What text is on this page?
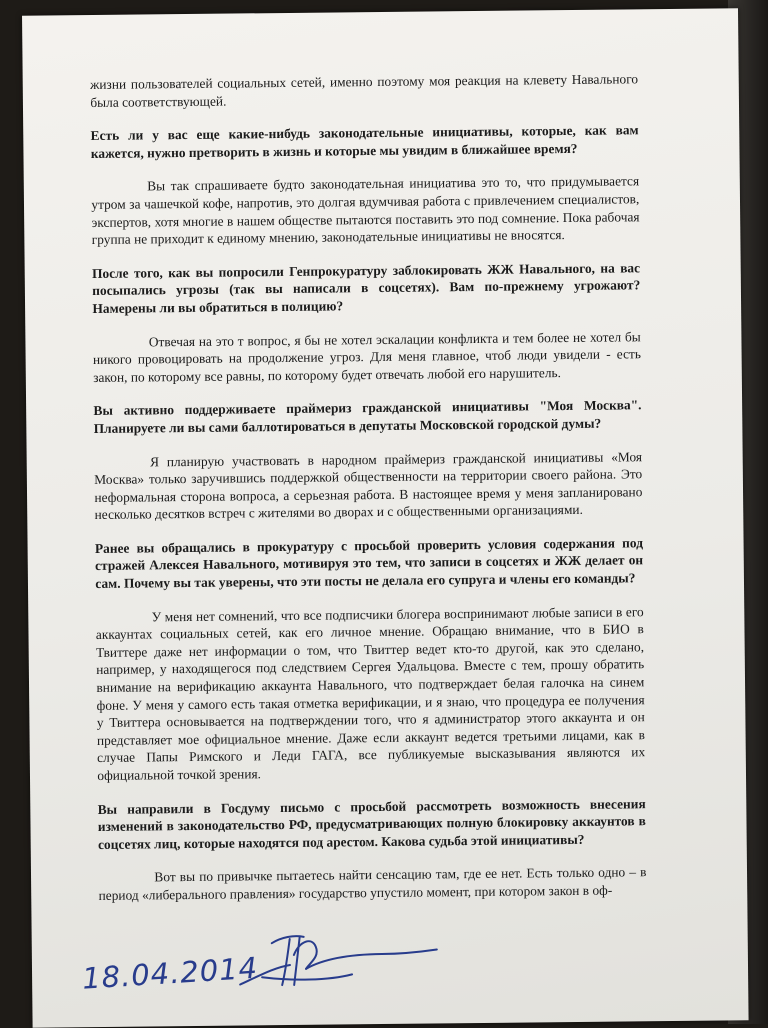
18.04.2014

жизни пользователей социальных сетей, именно поэтому моя реакция на клевету Навального была соответствующей.

Есть ли у вас еще какие-нибудь законодательные инициативы, которые, как вам кажется, нужно претворить в жизнь и которые мы увидим в ближайшее время?

Вы так спрашиваете будто законодательная инициатива это то, что придумывается утром за чашечкой кофе, напротив, это долгая вдумчивая работа с привлечением специалистов, экспертов, хотя многие в нашем обществе пытаются поставить это под сомнение. Пока рабочая группа не приходит к единому мнению, законодательные инициативы не вносятся.

После того, как вы попросили Генпрокуратуру заблокировать ЖЖ Навального, на вас посыпались угрозы (так вы написали в соцсетях). Вам по-прежнему угрожают? Намерены ли вы обратиться в полицию?

Отвечая на это т вопрос, я бы не хотел эскалации конфликта и тем более не хотел бы никого провоцировать на продолжение угроз. Для меня главное, чтоб люди увидели - есть закон, по которому все равны, по которому будет отвечать любой его нарушитель.

Вы активно поддерживаете праймериз гражданской инициативы "Моя Москва". Планируете ли вы сами баллотироваться в депутаты Московской городской думы?

Я планирую участвовать в народном праймериз гражданской инициативы «Моя Москва» только заручившись поддержкой общественности на территории своего района. Это неформальная сторона вопроса, а серьезная работа. В настоящее время у меня запланировано несколько десятков встреч с жителями во дворах и с общественными организациями.

Ранее вы обращались в прокуратуру с просьбой проверить условия содержания под стражей Алексея Навального, мотивируя это тем, что записи в соцсетях и ЖЖ делает он сам. Почему вы так уверены, что эти посты не делала его супруга и члены его команды?

У меня нет сомнений, что все подписчики блогера воспринимают любые записи в его аккаунтах социальных сетей, как его личное мнение. Обращаю внимание, что в БИО в Твиттере даже нет информации о том, что Твиттер ведет кто-то другой, как это сделано, например, у находящегося под следствием Сергея Удальцова. Вместе с тем, прошу обратить внимание на верификацию аккаунта Навального, что подтверждает белая галочка на синем фоне. У меня у самого есть такая отметка верификации, и я знаю, что процедура ее получения у Твиттера основывается на подтверждении того, что я администратор этого аккаунта и он представляет мое официальное мнение. Даже если аккаунт ведется третьими лицами, как в случае Папы Римского и Леди ГАГА, все публикуемые высказывания являются их официальной точкой зрения.

Вы направили в Госдуму письмо с просьбой рассмотреть возможность внесения изменений в законодательство РФ, предусматривающих полную блокировку аккаунтов в соцсетях лиц, которые находятся под арестом. Какова судьба этой инициативы?

Вот вы по привычке пытаетесь найти сенсацию там, где ее нет. Есть только одно – в период «либерального правления» государство упустило момент, при котором закон в оф-
